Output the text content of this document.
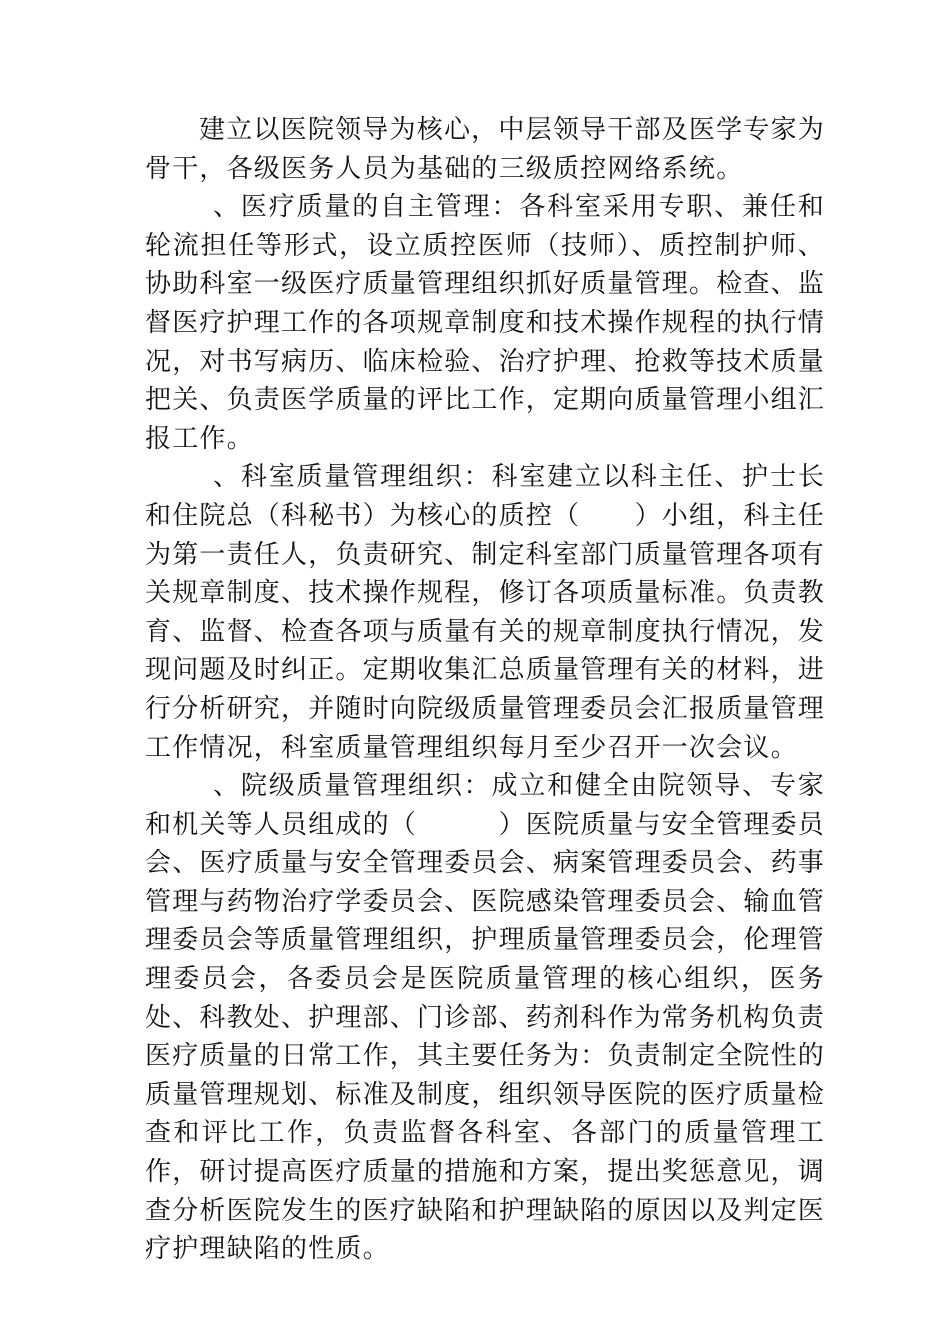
建立以医院领导为核心，中层领导干部及医学专家为骨干，各级医务人员为基础的三级质控网络系统。

、医疗质量的自主管理：各科室采用专职、兼任和轮流担任等形式，设立质控医师（技师）、质控制护师、协助科室一级医疗质量管理组织抓好质量管理。检查、监督医疗护理工作的各项规章制度和技术操作规程的执行情况，对书写病历、临床检验、治疗护理、抢救等技术质量把关、负责医学质量的评比工作，定期向质量管理小组汇报工作。

、科室质量管理组织：科室建立以科主任、护士长和住院总（科秘书）为核心的质控（　　）小组，科主任为第一责任人，负责研究、制定科室部门质量管理各项有关规章制度、技术操作规程，修订各项质量标准。负责教育、监督、检查各项与质量有关的规章制度执行情况，发现问题及时纠正。定期收集汇总质量管理有关的材料，进行分析研究，并随时向院级质量管理委员会汇报质量管理工作情况，科室质量管理组织每月至少召开一次会议。

、院级质量管理组织：成立和健全由院领导、专家和机关等人员组成的（　　　）医院质量与安全管理委员会、医疗质量与安全管理委员会、病案管理委员会、药事管理与药物治疗学委员会、医院感染管理委员会、输血管理委员会等质量管理组织，护理质量管理委员会，伦理管理委员会，各委员会是医院质量管理的核心组织，医务处、科教处、护理部、门诊部、药剂科作为常务机构负责医疗质量的日常工作，其主要任务为：负责制定全院性的质量管理规划、标准及制度，组织领导医院的医疗质量检查和评比工作，负责监督各科室、各部门的质量管理工作，研讨提高医疗质量的措施和方案，提出奖惩意见，调查分析医院发生的医疗缺陷和护理缺陷的原因以及判定医疗护理缺陷的性质。
